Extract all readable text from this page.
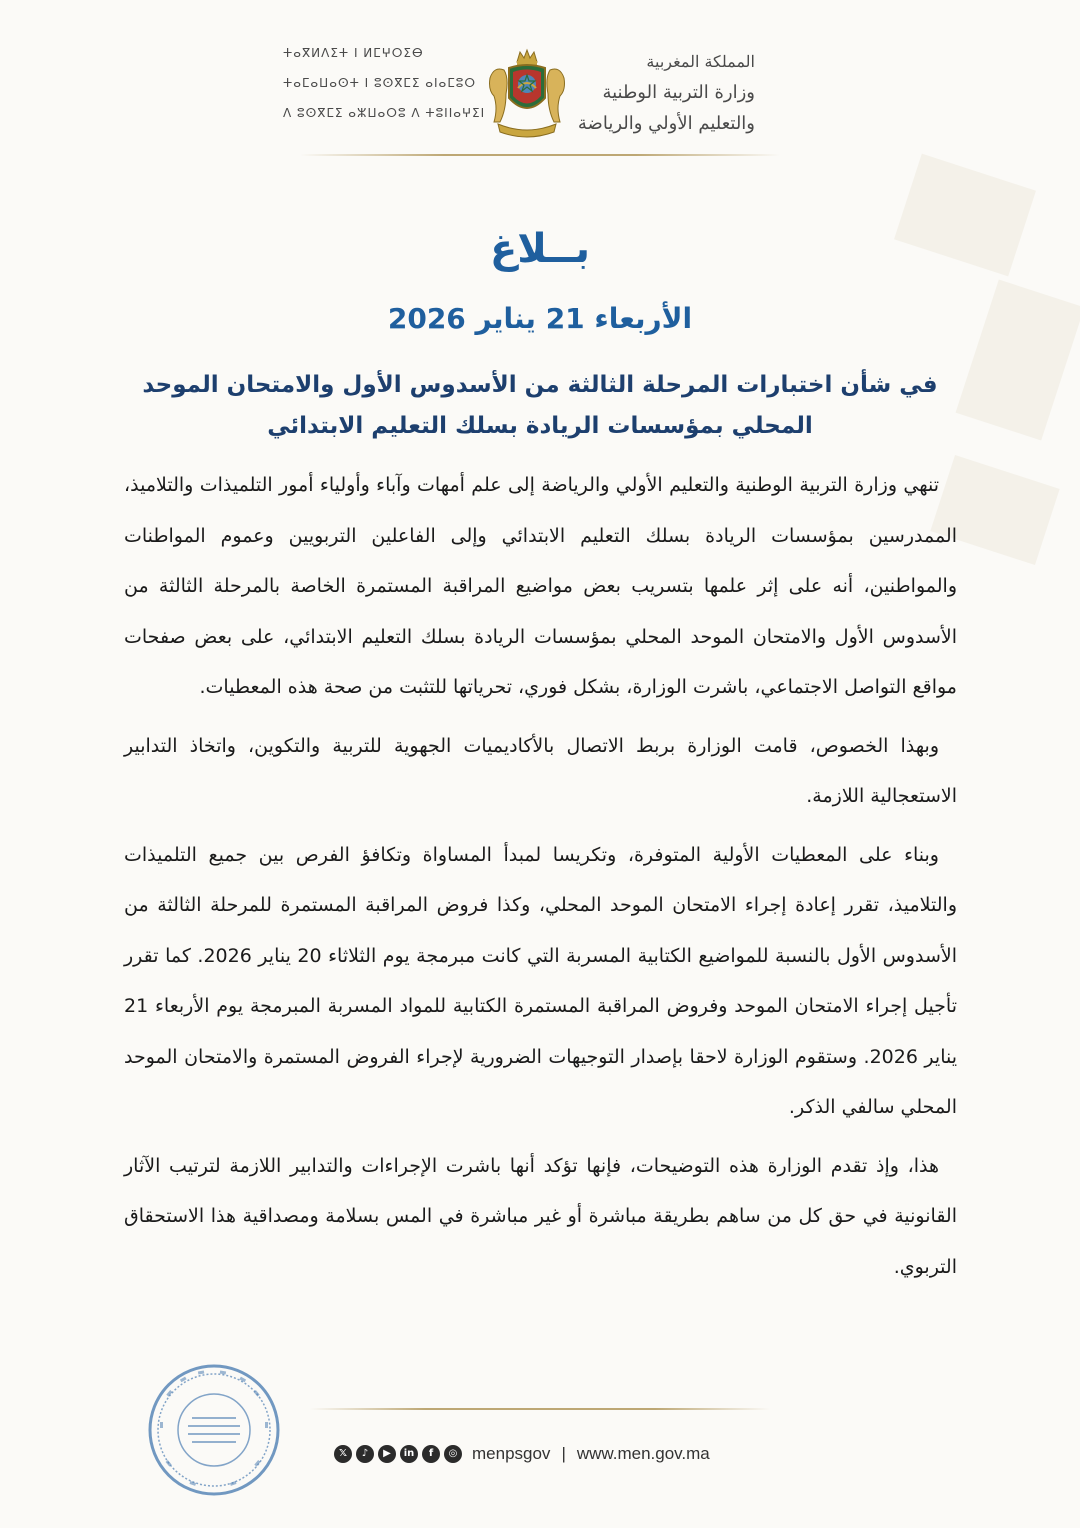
ⵜⴰⴳⵍⴷⵉⵜ ⵏ ⵍⵎⵖⵔⵉⴱ
ⵜⴰⵎⴰⵡⴰⵙⵜ ⵏ ⵓⵙⴳⵎⵉ ⴰⵏⴰⵎⵓⵔ
ⴷ ⵓⵙⴳⵎⵉ ⴰⵣⵡⴰⵔⵓ ⴷ ⵜⵓⵏⵏⴰⵖⵉⵏ
المملكة المغربية
وزارة التربية الوطنية
والتعليم الأولي والرياضة
بــلاغ
الأربعاء 21 يناير 2026
في شأن اختبارات المرحلة الثالثة من الأسدوس الأول والامتحان الموحد
المحلي بمؤسسات الريادة بسلك التعليم الابتدائي

تنهي وزارة التربية الوطنية والتعليم الأولي والرياضة إلى علم أمهات وآباء وأولياء أمور التلميذات والتلاميذ، الممدرسين بمؤسسات الريادة بسلك التعليم الابتدائي وإلى الفاعلين التربويين وعموم المواطنات والمواطنين، أنه على إثر علمها بتسريب بعض مواضيع المراقبة المستمرة الخاصة بالمرحلة الثالثة من الأسدوس الأول والامتحان الموحد المحلي بمؤسسات الريادة بسلك التعليم الابتدائي، على بعض صفحات مواقع التواصل الاجتماعي، باشرت الوزارة، بشكل فوري، تحرياتها للتثبت من صحة هذه المعطيات.

وبهذا الخصوص، قامت الوزارة بربط الاتصال بالأكاديميات الجهوية للتربية والتكوين، واتخاذ التدابير الاستعجالية اللازمة.

وبناء على المعطيات الأولية المتوفرة، وتكريسا لمبدأ المساواة وتكافؤ الفرص بين جميع التلميذات والتلاميذ، تقرر إعادة إجراء الامتحان الموحد المحلي، وكذا فروض المراقبة المستمرة للمرحلة الثالثة من الأسدوس الأول بالنسبة للمواضيع الكتابية المسربة التي كانت مبرمجة يوم الثلاثاء 20 يناير 2026. كما تقرر تأجيل إجراء الامتحان الموحد وفروض المراقبة المستمرة الكتابية للمواد المسربة المبرمجة يوم الأربعاء 21 يناير 2026. وستقوم الوزارة لاحقا بإصدار التوجيهات الضرورية لإجراء الفروض المستمرة والامتحان الموحد المحلي سالفي الذكر.

هذا، وإذ تقدم الوزارة هذه التوضيحات، فإنها تؤكد أنها باشرت الإجراءات والتدابير اللازمة لترتيب الآثار القانونية في حق كل من ساهم بطريقة مباشرة أو غير مباشرة في المس بسلامة ومصداقية هذا الاستحقاق التربوي.

𝕏	♪	▶	in	f	◎ menpsgov | www.men.gov.ma
